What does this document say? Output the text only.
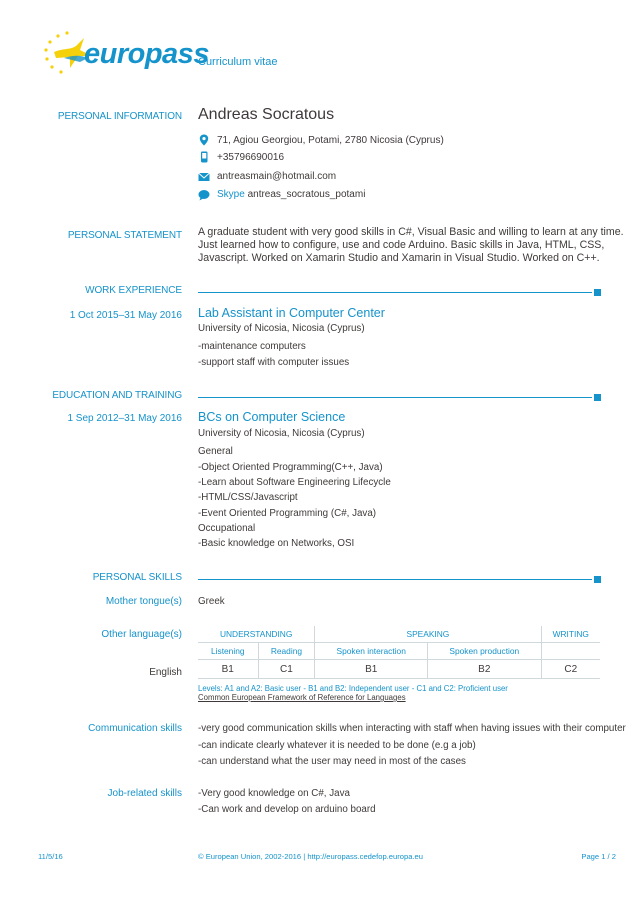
europass
Curriculum vitae
PERSONAL INFORMATION Andreas Socratous
71, Agiou Georgiou, Potami, 2780 Nicosia (Cyprus)
+35796690016
antreasmain@hotmail.com
Skype antreas_socratous_potami
PERSONAL STATEMENT A graduate student with very good skills in C#, Visual Basic and willing to learn at any time.
Just learned how to configure, use and code Arduino. Basic skills in Java, HTML, CSS,
Javascript. Worked on Xamarin Studio and Xamarin in Visual Studio. Worked on C++.
WORK EXPERIENCE
1 Oct 2015–31 May 2016 Lab Assistant in Computer Center
University of Nicosia, Nicosia (Cyprus)
-maintenance computers
-support staff with computer issues
EDUCATION AND TRAINING
1 Sep 2012–31 May 2016 BCs on Computer Science
University of Nicosia, Nicosia (Cyprus)
General
-Object Oriented Programming(C++, Java)
-Learn about Software Engineering Lifecycle
-HTML/CSS/Javascript
-Event Oriented Programming (C#, Java)
Occupational
-Basic knowledge on Networks, OSI
PERSONAL SKILLS
Mother tongue(s) Greek
Other language(s)	UNDERSTANDING		SPEAKING		WRITING
Listening	Reading	Spoken interaction	Spoken production	
B1	C1	B1	B2	C2
English
Levels: A1 and A2: Basic user - B1 and B2: Independent user - C1 and C2: Proficient user
Common European Framework of Reference for Languages
Communication skills -very good communication skills when interacting with staff when having issues with their computer
-can indicate clearly whatever it is needed to be done (e.g a job)
-can understand what the user may need in most of the cases
Job-related skills -Very good knowledge on C#, Java
-Can work and develop on arduino board
11/5/16	© European Union, 2002-2016 | http://europass.cedefop.europa.eu	Page 1 / 2
